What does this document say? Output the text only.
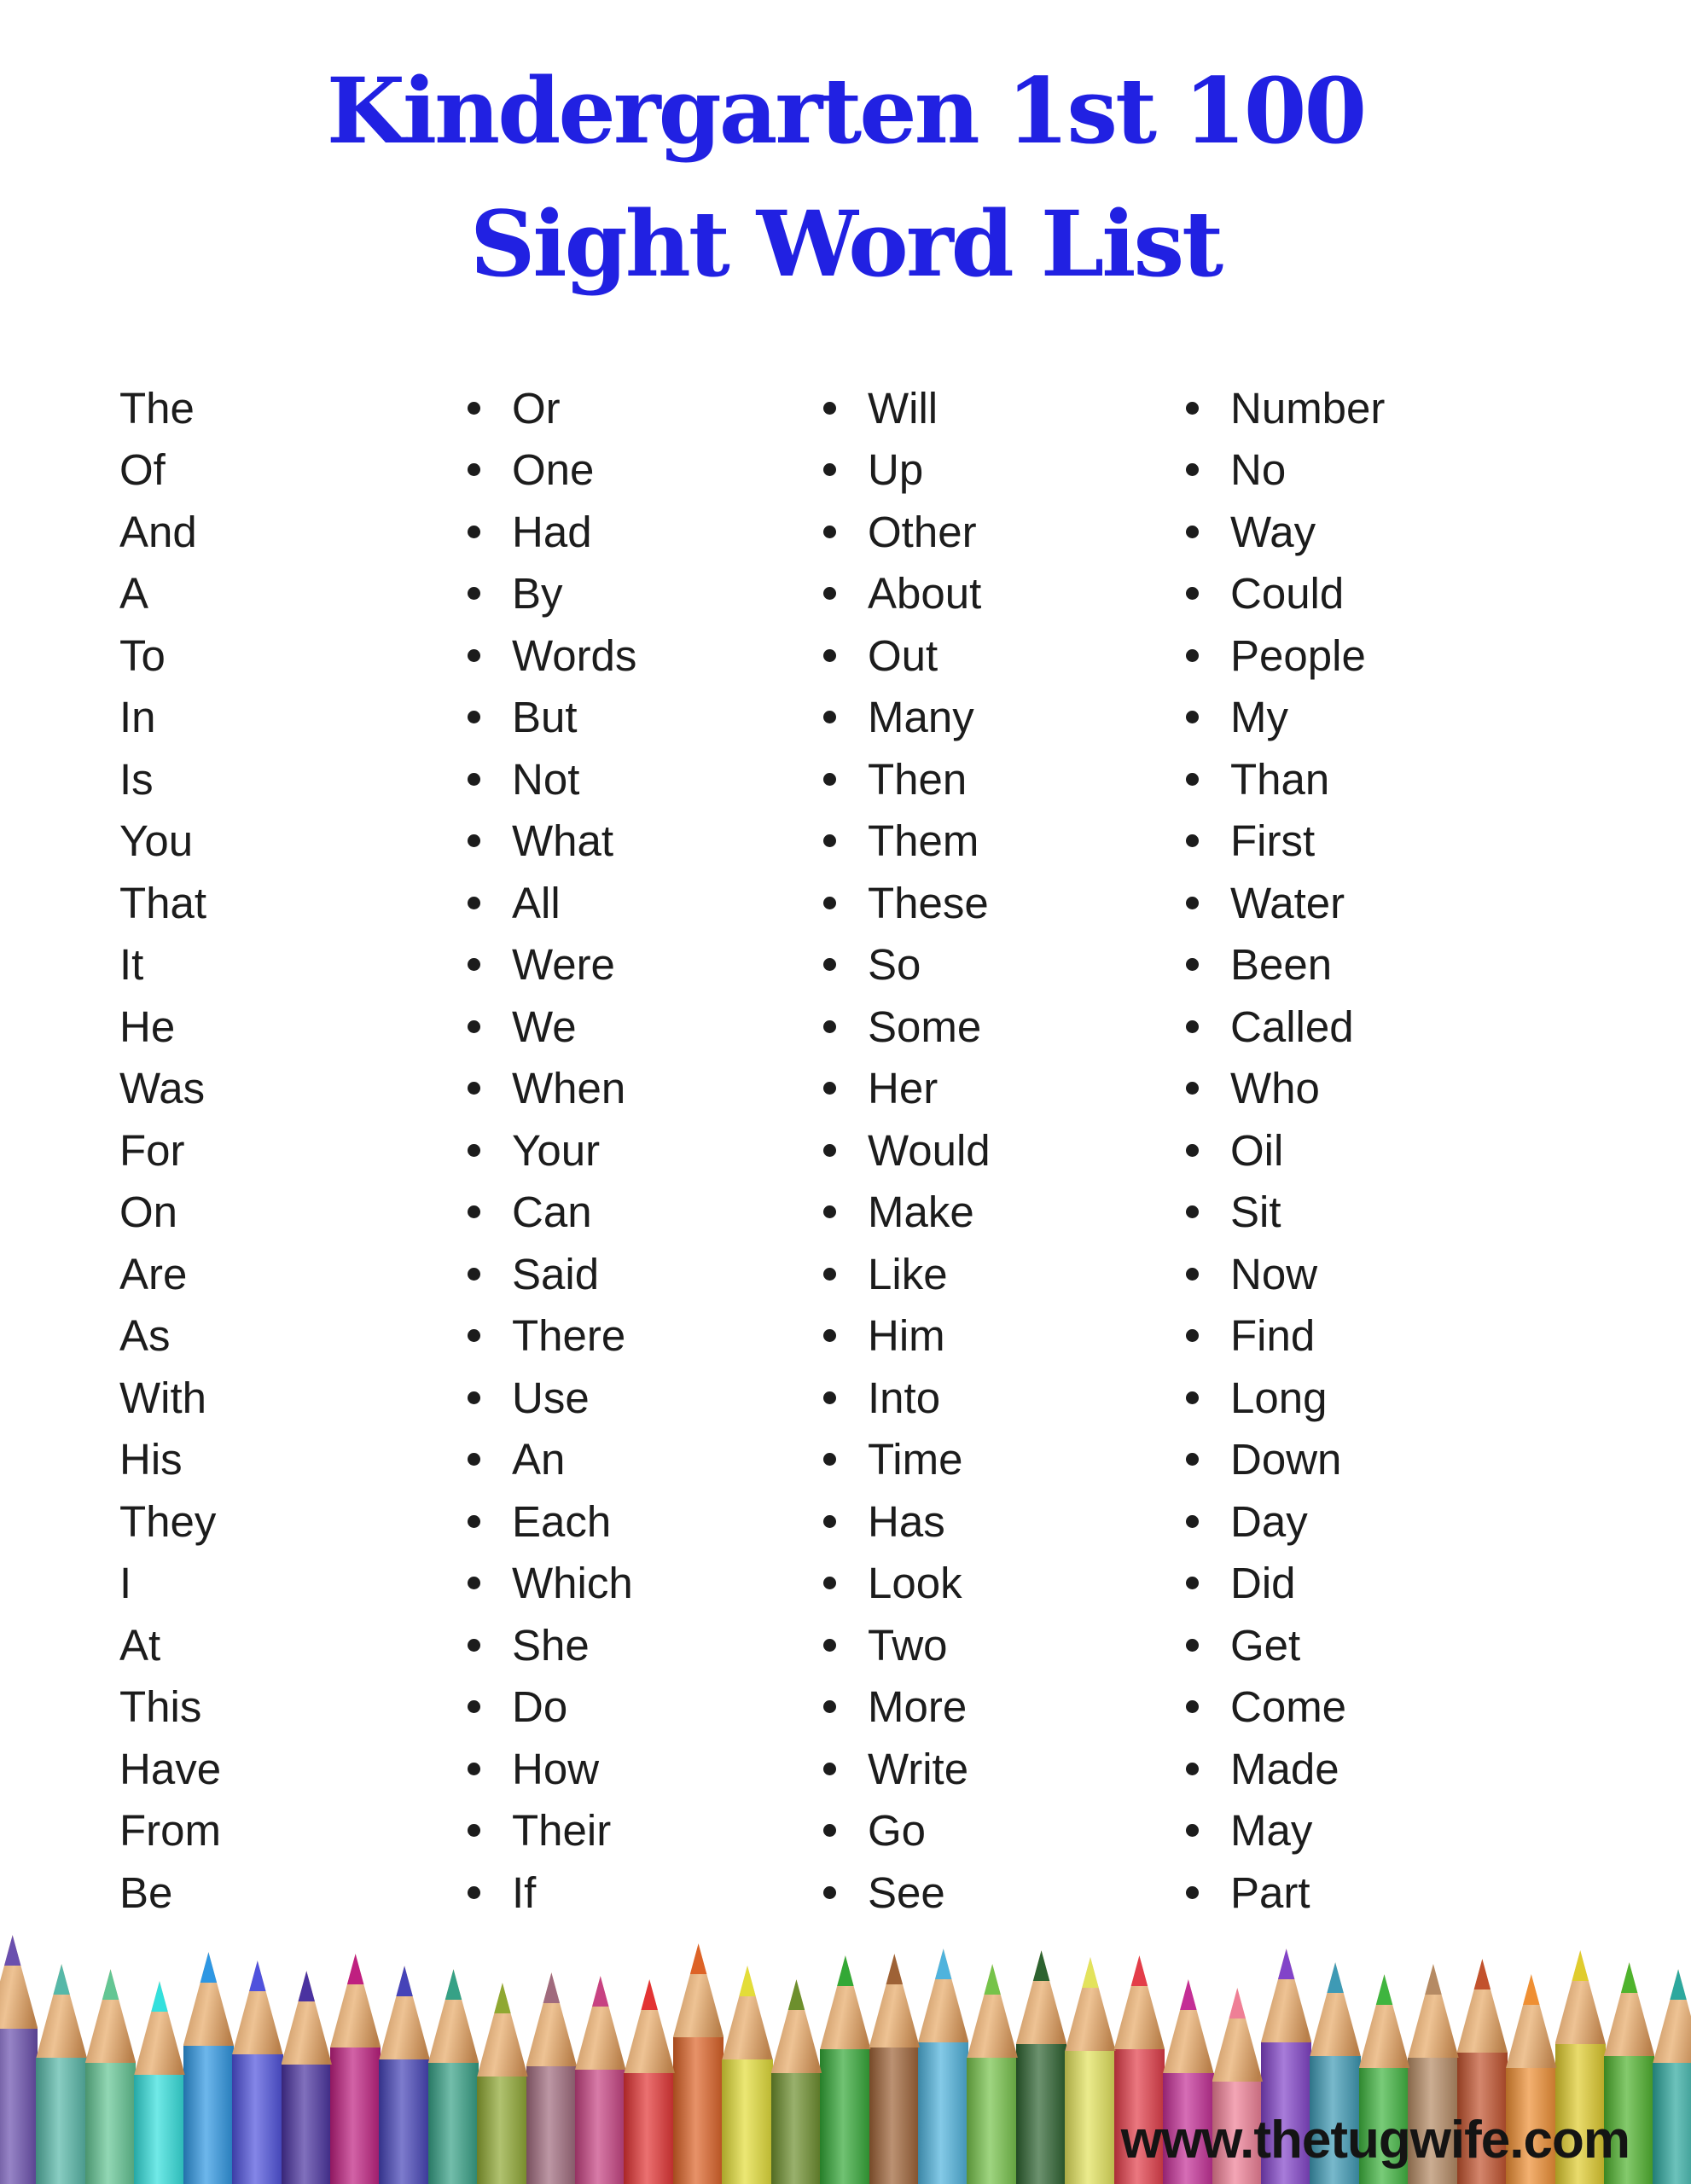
Kindergarten 1st 100
Sight Word List
The
Of
And
A
To
In
Is
You
That
It
He
Was
For
On
Are
As
With
His
They
I
At
This
Have
From
Be
Or
One
Had
By
Words
But
Not
What
All
Were
We
When
Your
Can
Said
There
Use
An
Each
Which
She
Do
How
Their
If
Will
Up
Other
About
Out
Many
Then
Them
These
So
Some
Her
Would
Make
Like
Him
Into
Time
Has
Look
Two
More
Write
Go
See
Number
No
Way
Could
People
My
Than
First
Water
Been
Called
Who
Oil
Sit
Now
Find
Long
Down
Day
Did
Get
Come
Made
May
Part
www.thetugwife.com
